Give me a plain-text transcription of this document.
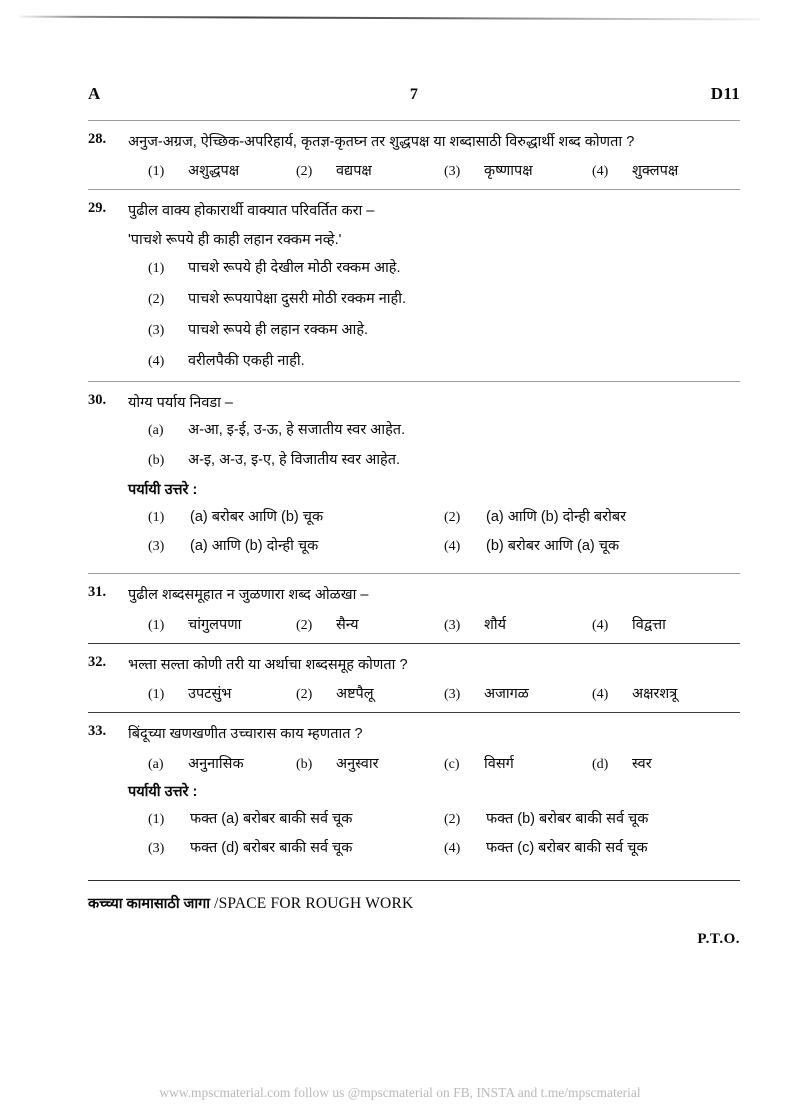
A	7	D11
28.	अनुज-अग्रज, ऐच्छिक-अपरिहार्य, कृतज्ञ-कृतघ्न तर शुद्धपक्ष या शब्दासाठी विरुद्धार्थी शब्द कोणता ?
(1)	अशुद्धपक्ष	(2)	वद्यपक्ष	(3)	कृष्णापक्ष	(4)	शुक्लपक्ष
29.	पुढील वाक्य होकारार्थी वाक्यात परिवर्तित करा –
'पाचशे रूपये ही काही लहान रक्कम नव्हे.'
(1)	पाचशे रूपये ही देखील मोठी रक्कम आहे.
(2)	पाचशे रूपयापेक्षा दुसरी मोठी रक्कम नाही.
(3)	पाचशे रूपये ही लहान रक्कम आहे.
(4)	वरीलपैकी एकही नाही.
30.	योग्य पर्याय निवडा –
(a)	अ-आ, इ-ई, उ-ऊ, हे सजातीय स्वर आहेत.
(b)	अ-इ, अ-उ, इ-ए, हे विजातीय स्वर आहेत.
पर्यायी उत्तरे :
(1)	(a) बरोबर आणि (b) चूक	(2)	(a) आणि (b) दोन्ही बरोबर
(3)	(a) आणि (b) दोन्ही चूक	(4)	(b) बरोबर आणि (a) चूक
31.	पुढील शब्दसमूहात न जुळणारा शब्द ओळखा –
(1)	चांगुलपणा	(2)	सैन्य	(3)	शौर्य	(4)	विद्वत्ता
32.	भल्ता सल्ता कोणी तरी या अर्थाचा शब्दसमूह कोणता ?
(1)	उपटसुंभ	(2)	अष्टपैलू	(3)	अजागळ	(4)	अक्षरशत्रू
33.	बिंदूच्या खणखणीत उच्चारास काय म्हणतात ?
(a)	अनुनासिक	(b)	अनुस्वार	(c)	विसर्ग	(d)	स्वर
पर्यायी उत्तरे :
(1)	फक्त (a) बरोबर बाकी सर्व चूक	(2)	फक्त (b) बरोबर बाकी सर्व चूक
(3)	फक्त (d) बरोबर बाकी सर्व चूक	(4)	फक्त (c) बरोबर बाकी सर्व चूक
कच्च्या कामासाठी जागा /SPACE FOR ROUGH WORK
P.T.O.
www.mpscmaterial.com follow us @mpscmaterial on FB, INSTA and t.me/mpscmaterial
